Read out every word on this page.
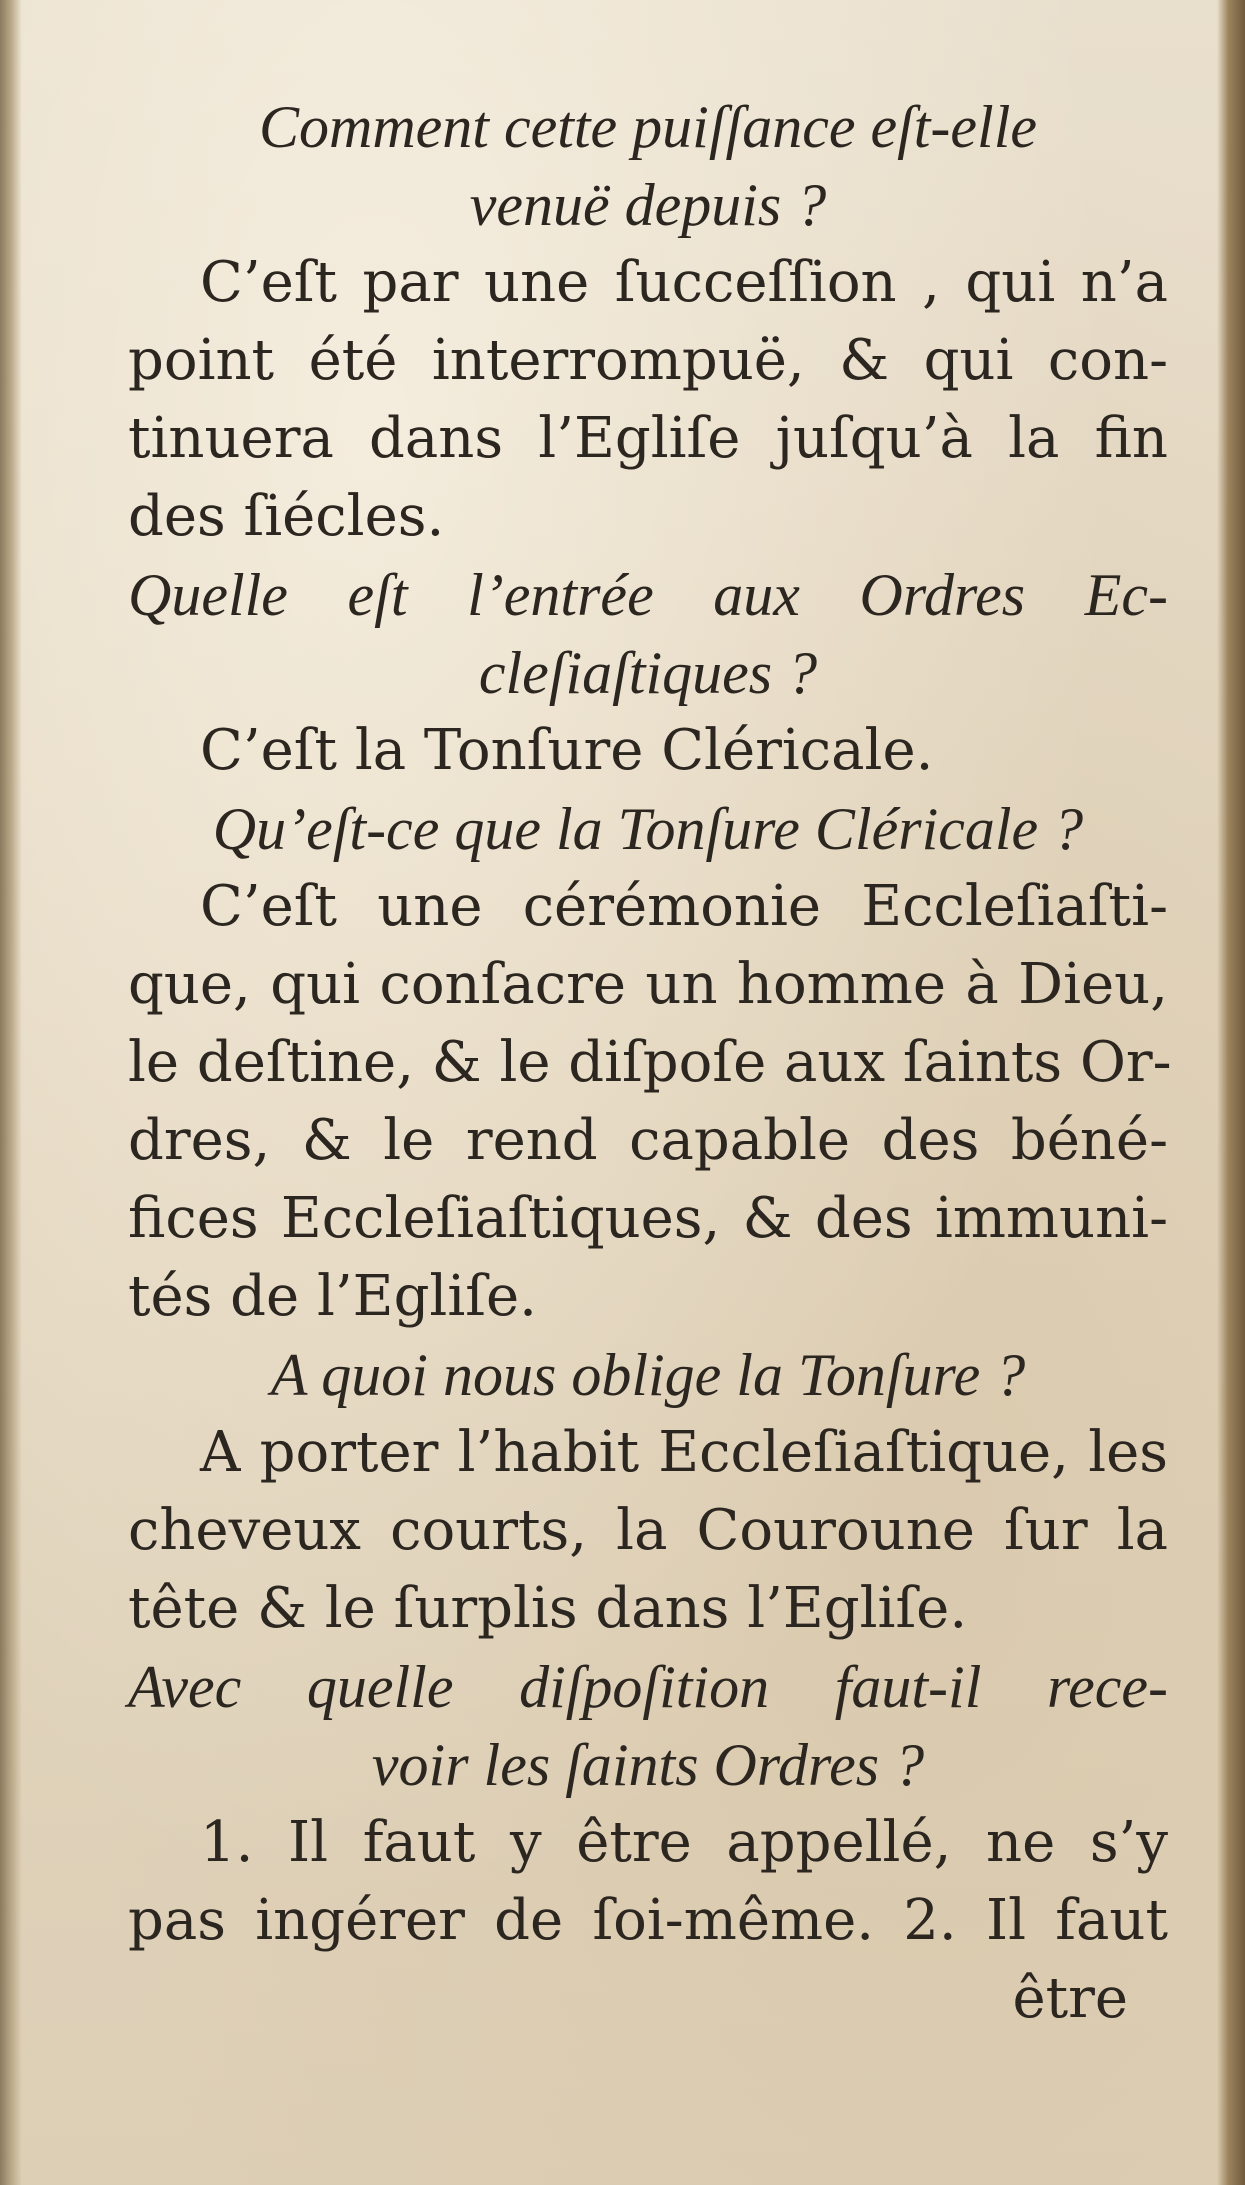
Comment cette puiſſance eſt-elle
venuë depuis ?
C’eſt par une ſucceſſion , qui n’a
point été interrompuë, & qui con-
tinuera dans l’Egliſe juſqu’à la fin
des ſiécles.
Quelle eſt l’entrée aux Ordres Ec-
cleſiaſtiques ?
C’eſt la Tonſure Cléricale.
Qu’eſt-ce que la Tonſure Cléricale ?
C’eſt une cérémonie Eccleſiaſti-
que, qui conſacre un homme à Dieu,
le deſtine, & le diſpoſe aux ſaints Or-
dres, & le rend capable des béné-
fices Eccleſiaſtiques, & des immuni-
tés de l’Egliſe.
A quoi nous oblige la Tonſure ?
A porter l’habit Eccleſiaſtique, les
cheveux courts, la Couroune ſur la
tête & le ſurplis dans l’Egliſe.
Avec quelle diſpoſition faut-il rece-
voir les ſaints Ordres ?
1. Il faut y être appellé, ne s’y
pas ingérer de ſoi-même. 2. Il faut
être
